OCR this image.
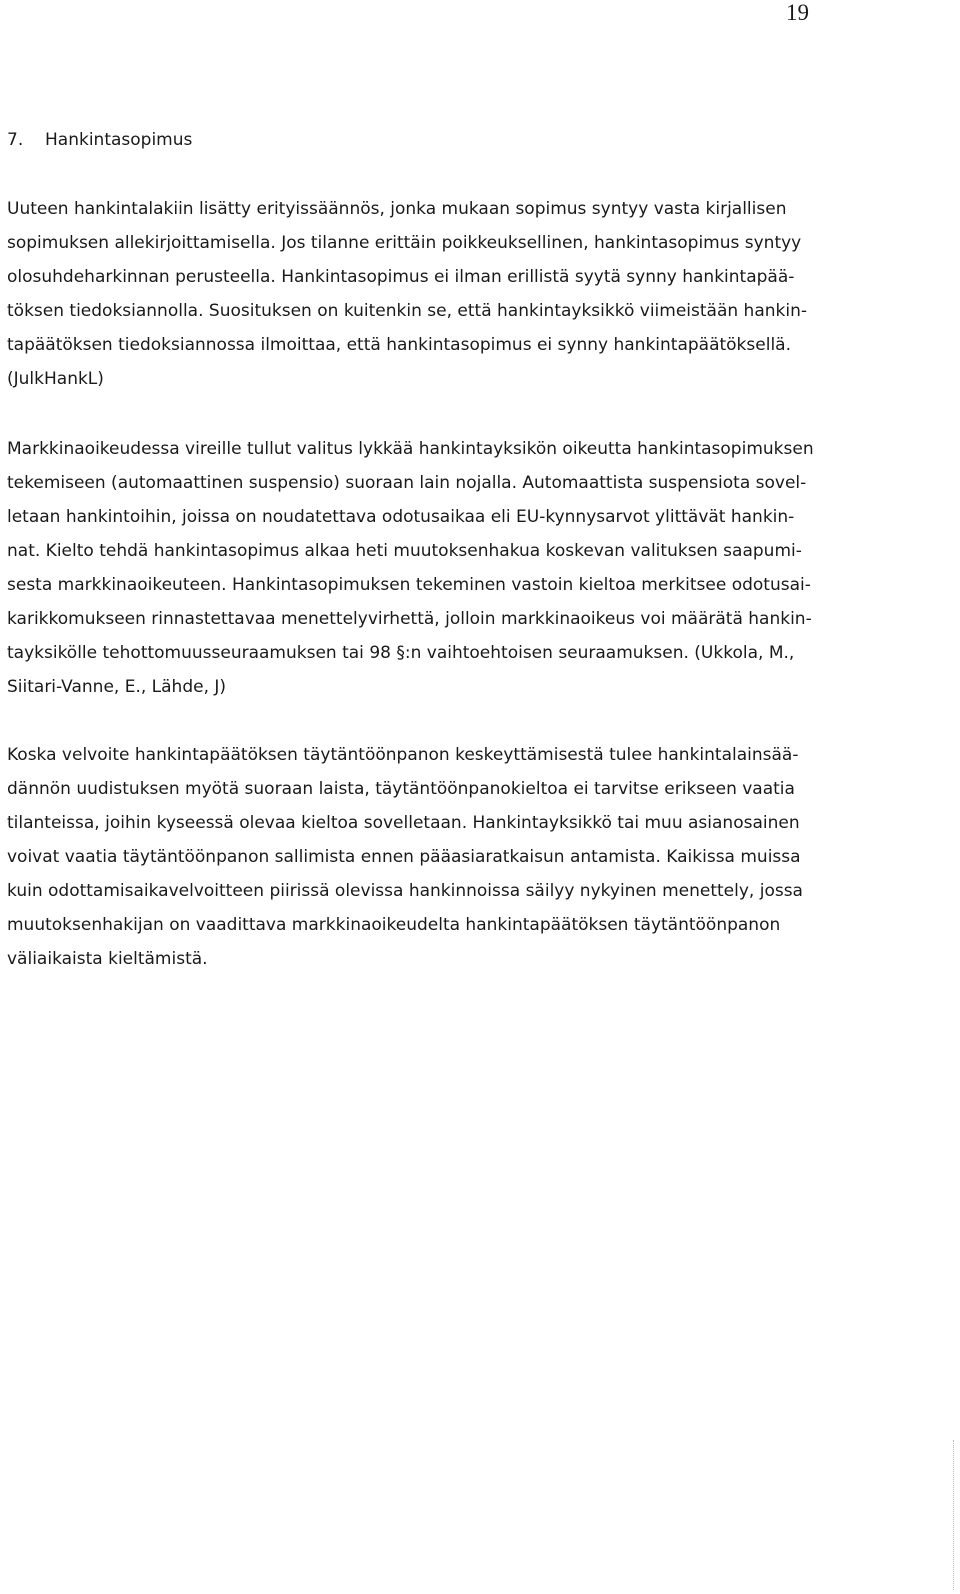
19
7. Hankintasopimus

Uuteen hankintalakiin lisätty erityissäännös, jonka mukaan sopimus syntyy vasta kirjallisen
sopimuksen allekirjoittamisella. Jos tilanne erittäin poikkeuksellinen, hankintasopimus syntyy
olosuhdeharkinnan perusteella. Hankintasopimus ei ilman erillistä syytä synny hankintapää-
töksen tiedoksiannolla. Suosituksen on kuitenkin se, että hankintayksikkö viimeistään hankin-
tapäätöksen tiedoksiannossa ilmoittaa, että hankintasopimus ei synny hankintapäätöksellä.
(JulkHankL)

Markkinaoikeudessa vireille tullut valitus lykkää hankintayksikön oikeutta hankintasopimuksen
tekemiseen (automaattinen suspensio) suoraan lain nojalla. Automaattista suspensiota sovel-
letaan hankintoihin, joissa on noudatettava odotusaikaa eli EU-kynnysarvot ylittävät hankin-
nat. Kielto tehdä hankintasopimus alkaa heti muutoksenhakua koskevan valituksen saapumi-
sesta markkinaoikeuteen. Hankintasopimuksen tekeminen vastoin kieltoa merkitsee odotusai-
karikkomukseen rinnastettavaa menettelyvirhettä, jolloin markkinaoikeus voi määrätä hankin-
tayksikölle tehottomuusseuraamuksen tai 98 §:n vaihtoehtoisen seuraamuksen. (Ukkola, M.,
Siitari-Vanne, E., Lähde, J)

Koska velvoite hankintapäätöksen täytäntöönpanon keskeyttämisestä tulee hankintalainsää-
dännön uudistuksen myötä suoraan laista, täytäntöönpanokieltoa ei tarvitse erikseen vaatia
tilanteissa, joihin kyseessä olevaa kieltoa sovelletaan. Hankintayksikkö tai muu asianosainen
voivat vaatia täytäntöönpanon sallimista ennen pääasiaratkaisun antamista. Kaikissa muissa
kuin odottamisaikavelvoitteen piirissä olevissa hankinnoissa säilyy nykyinen menettely, jossa
muutoksenhakijan on vaadittava markkinaoikeudelta hankintapäätöksen täytäntöönpanon
väliaikaista kieltämistä.
